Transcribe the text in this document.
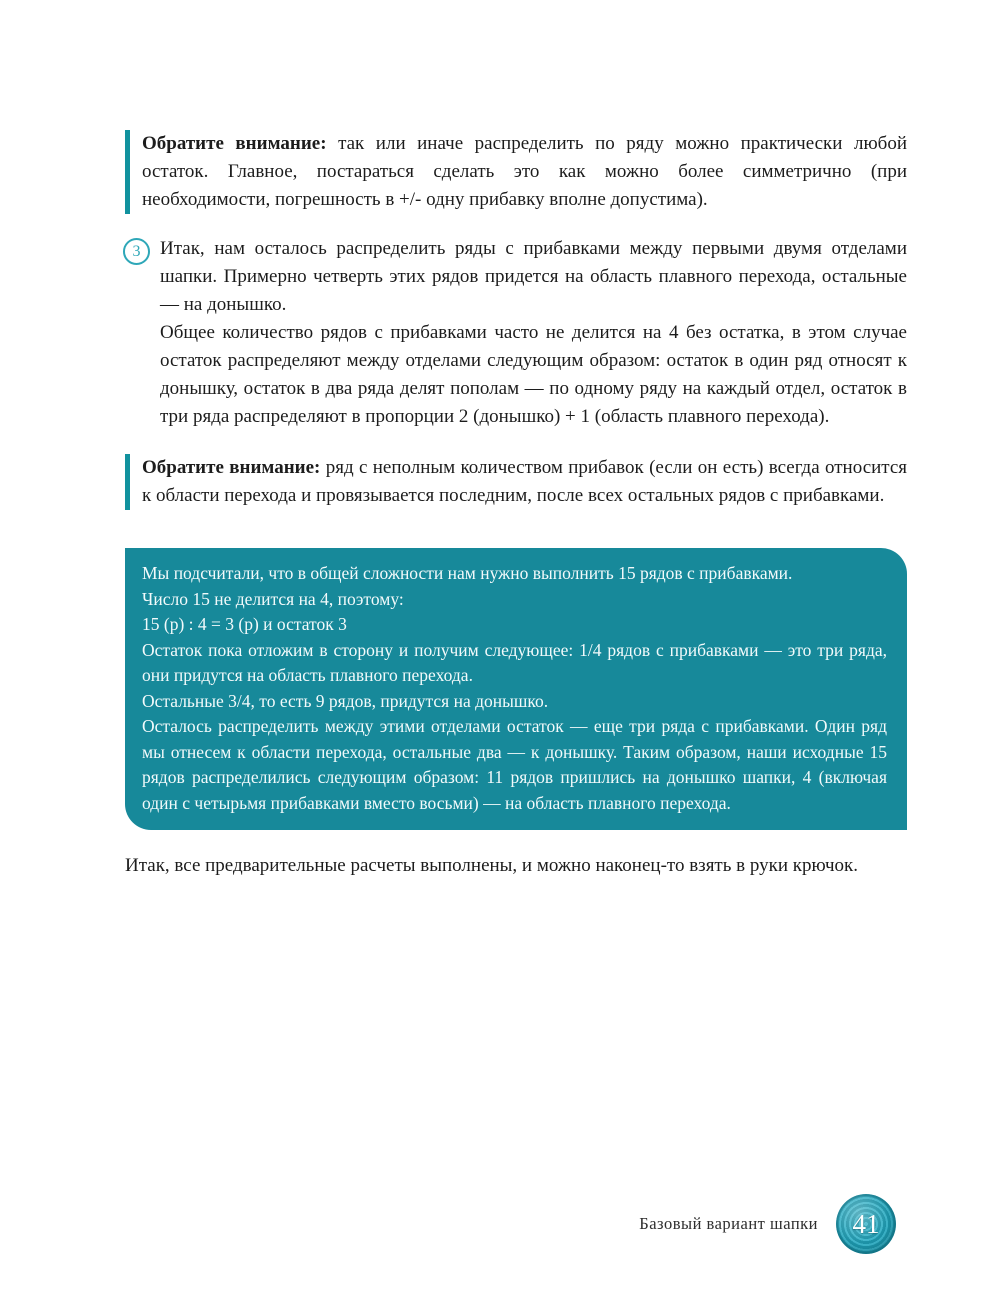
Обратите внимание: так или иначе распределить по ряду можно практически любой остаток. Главное, постараться сделать это как можно более симметрично (при необходимости, погрешность в +/- одну прибавку вполне допустима).

3	Итак, нам осталось распределить ряды с прибавками между первыми двумя отделами шапки. Примерно четверть этих рядов придется на область плавного перехода, остальные — на донышко.

Общее количество рядов с прибавками часто не делится на 4 без остатка, в этом случае остаток распределяют между отделами следующим образом: остаток в один ряд относят к донышку, остаток в два ряда делят пополам — по одному ряду на каждый отдел, остаток в три ряда распределяют в пропорции 2 (донышко) + 1 (область плавного перехода).

Обратите внимание: ряд с неполным количеством прибавок (если он есть) всегда относится к области перехода и провязывается последним, после всех остальных рядов с прибавками.

Мы подсчитали, что в общей сложности нам нужно выполнить 15 рядов с прибавками.

Число 15 не делится на 4, поэтому:

15 (р) : 4 = 3 (р) и остаток 3

Остаток пока отложим в сторону и получим следующее: 1/4 рядов с прибавками — это три ряда, они придутся на область плавного перехода.

Остальные 3/4, то есть 9 рядов, придутся на донышко.

Осталось распределить между этими отделами остаток — еще три ряда с прибавками. Один ряд мы отнесем к области перехода, остальные два — к донышку. Таким образом, наши исходные 15 рядов распределились следующим образом: 11 рядов пришлись на донышко шапки, 4 (включая один с четырьмя прибавками вместо восьми) — на область плавного перехода.

Итак, все предварительные расчеты выполнены, и можно наконец-то взять в руки крючок.

Базовый вариант шапки 41
